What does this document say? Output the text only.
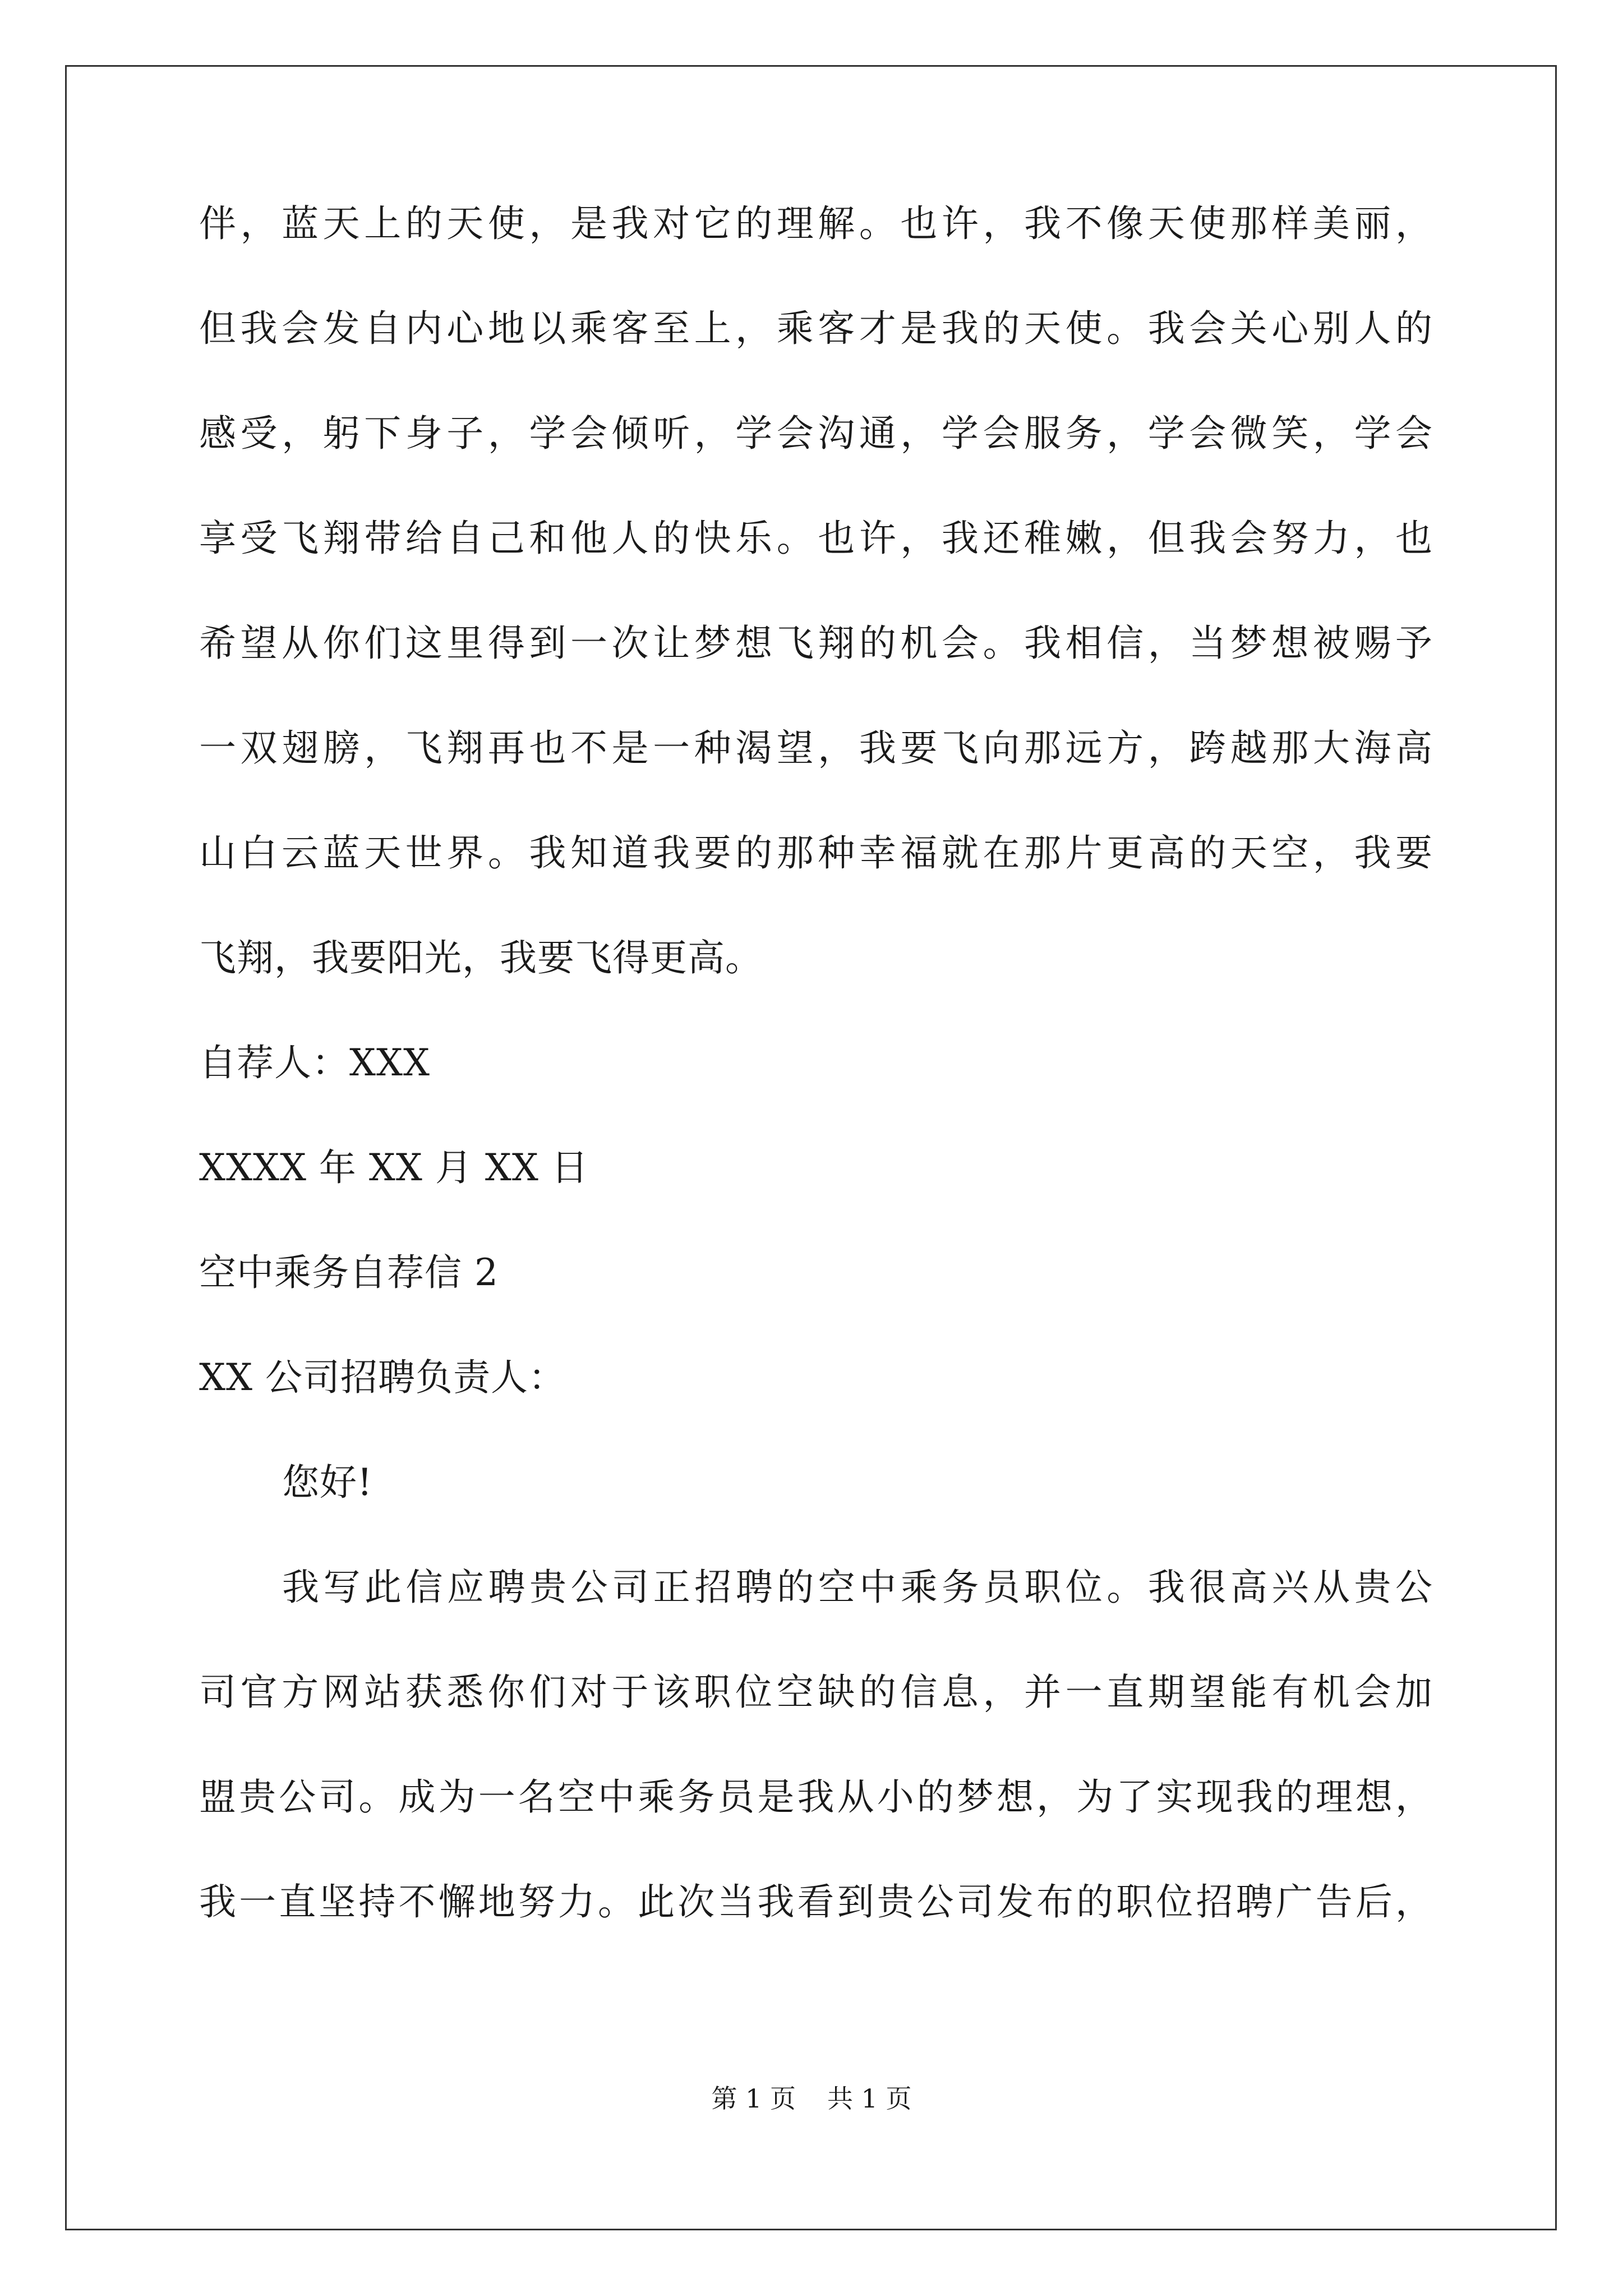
伴，蓝天上的天使，是我对它的理解。也许，我不像天使那样美丽，
但我会发自内心地以乘客至上，乘客才是我的天使。我会关心别人的
感受，躬下身子，学会倾听，学会沟通，学会服务，学会微笑，学会
享受飞翔带给自己和他人的快乐。也许，我还稚嫩，但我会努力，也
希望从你们这里得到一次让梦想飞翔的机会。我相信，当梦想被赐予
一双翅膀，飞翔再也不是一种渴望，我要飞向那远方，跨越那大海高
山白云蓝天世界。我知道我要的那种幸福就在那片更高的天空，我要
飞翔，我要阳光，我要飞得更高。
自荐人：XXX
XXXX 年 XX 月 XX 日
空中乘务自荐信 2
XX 公司招聘负责人：
您好!
我写此信应聘贵公司正招聘的空中乘务员职位。我很高兴从贵公
司官方网站获悉你们对于该职位空缺的信息，并一直期望能有机会加
盟贵公司。成为一名空中乘务员是我从小的梦想，为了实现我的理想，
我一直坚持不懈地努力。此次当我看到贵公司发布的职位招聘广告后，
第 1 页 共 1 页
